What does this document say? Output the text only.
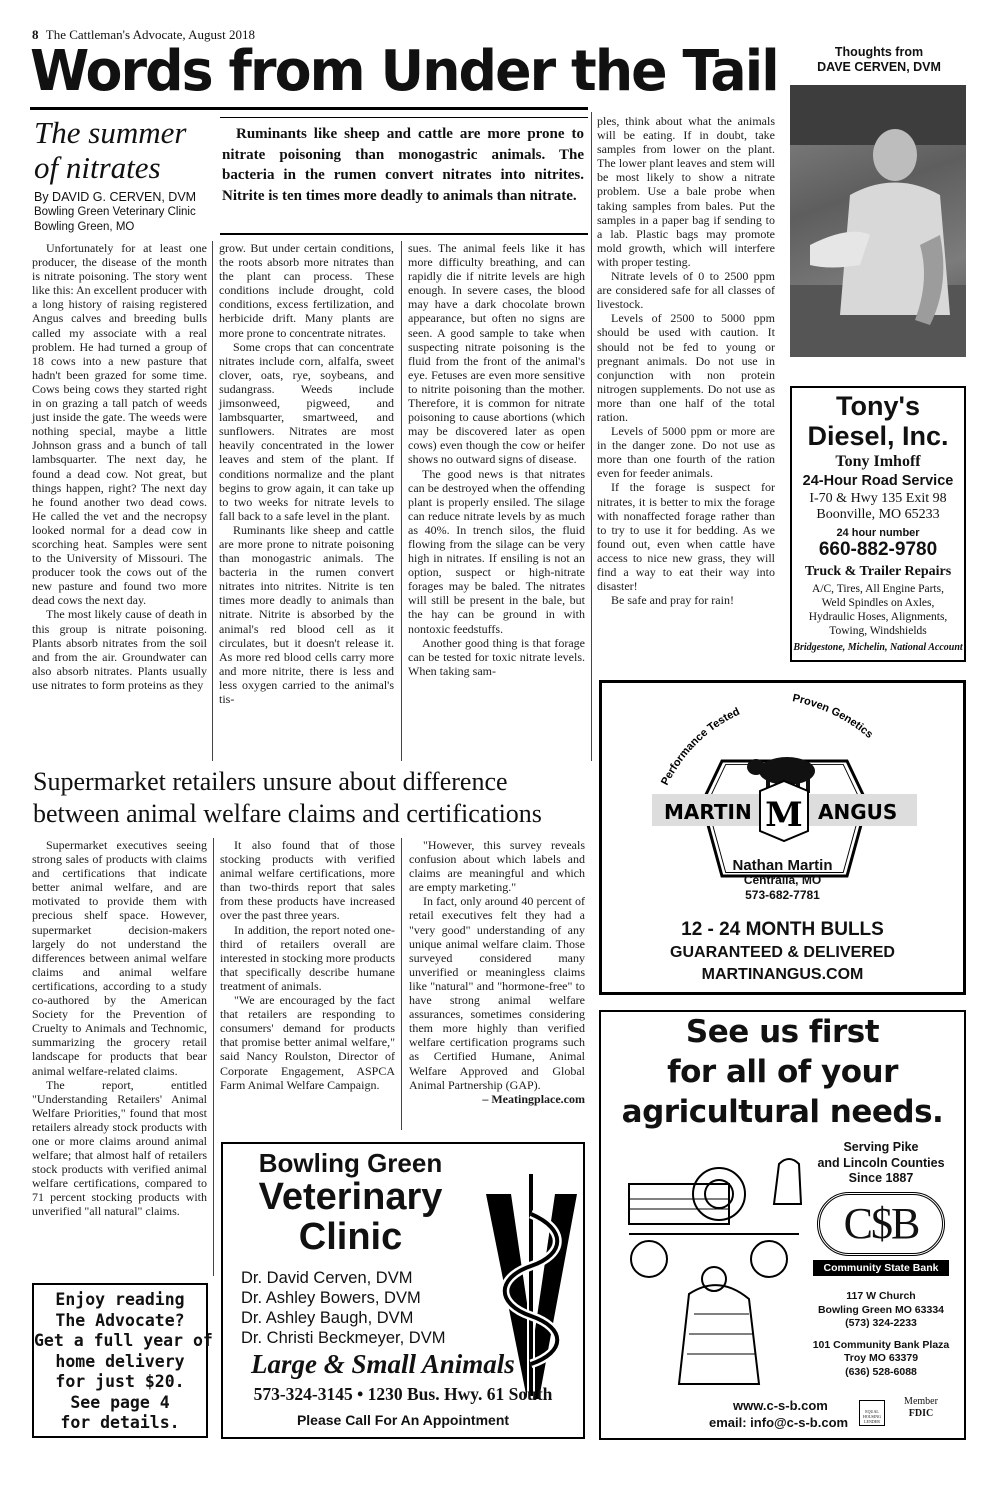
8 The Cattleman's Advocate, August 2018
Words from Under the Tail	Thoughts from
DAVE CERVEN, DVM
The summer of nitrates
By DAVID G. CERVEN, DVM
Bowling Green Veterinary Clinic
Bowling Green, MO
Ruminants like sheep and cattle are more prone to nitrate poisoning than monogastric animals. The bacteria in the rumen convert nitrates into nitrites. Nitrite is ten times more deadly to animals than nitrate.

Unfortunately for at least one producer, the disease of the month is nitrate poisoning. The story went like this: An excellent producer with a long history of raising registered Angus calves and breeding bulls called my associate with a real problem. He had turned a group of 18 cows into a new pasture that hadn't been grazed for some time. Cows being cows they started right in on grazing a tall patch of weeds just inside the gate. The weeds were nothing special, maybe a little Johnson grass and a bunch of tall lambsquarter. The next day, he found a dead cow. Not great, but things happen, right? The next day he found another two dead cows. He called the vet and the necropsy looked normal for a dead cow in scorching heat. Samples were sent to the University of Missouri. The producer took the cows out of the new pasture and found two more dead cows the next day.

The most likely cause of death in this group is nitrate poisoning. Plants absorb nitrates from the soil and from the air. Groundwater can also absorb nitrates. Plants usually use nitrates to form proteins as they

grow. But under certain conditions, the roots absorb more nitrates than the plant can process. These conditions include drought, cold conditions, excess fertilization, and herbicide drift. Many plants are more prone to concentrate nitrates.

Some crops that can concentrate nitrates include corn, alfalfa, sweet clover, oats, rye, soybeans, and sudangrass. Weeds include jimsonweed, pigweed, and lambsquarter, smartweed, and sunflowers. Nitrates are most heavily concentrated in the lower leaves and stem of the plant. If conditions normalize and the plant begins to grow again, it can take up to two weeks for nitrate levels to fall back to a safe level in the plant.

Ruminants like sheep and cattle are more prone to nitrate poisoning than monogastric animals. The bacteria in the rumen convert nitrates into nitrites. Nitrite is ten times more deadly to animals than nitrate. Nitrite is absorbed by the animal's red blood cell as it circulates, but it doesn't release it. As more red blood cells carry more and more nitrite, there is less and less oxygen carried to the animal's tis-

sues. The animal feels like it has more difficulty breathing, and can rapidly die if nitrite levels are high enough. In severe cases, the blood may have a dark chocolate brown appearance, but often no signs are seen. A good sample to take when suspecting nitrate poisoning is the fluid from the front of the animal's eye. Fetuses are even more sensitive to nitrite poisoning than the mother. Therefore, it is common for nitrate poisoning to cause abortions (which may be discovered later as open cows) even though the cow or heifer shows no outward signs of disease.

The good news is that nitrates can be destroyed when the offending plant is properly ensiled. The silage can reduce nitrate levels by as much as 40%. In trench silos, the fluid flowing from the silage can be very high in nitrates. If ensiling is not an option, suspect or high-nitrate forages may be baled. The nitrates will still be present in the bale, but the hay can be ground in with nontoxic feedstuffs.

Another good thing is that forage can be tested for toxic nitrate levels. When taking sam-

ples, think about what the animals will be eating. If in doubt, take samples from lower on the plant. The lower plant leaves and stem will be most likely to show a nitrate problem. Use a bale probe when taking samples from bales. Put the samples in a paper bag if sending to a lab. Plastic bags may promote mold growth, which will interfere with proper testing.

Nitrate levels of 0 to 2500 ppm are considered safe for all classes of livestock.

Levels of 2500 to 5000 ppm should be used with caution. It should not be fed to young or pregnant animals. Do not use in conjunction with non protein nitrogen supplements. Do not use as more than one half of the total ration.

Levels of 5000 ppm or more are in the danger zone. Do not use as more than one fourth of the ration even for feeder animals.

If the forage is suspect for nitrates, it is better to mix the forage with nonaffected forage rather than to try to use it for bedding. As we found out, even when cattle have access to nice new grass, they will find a way to eat their way into disaster!

Be safe and pray for rain!

Tony's
Diesel, Inc.
Tony Imhoff
24-Hour Road Service
I-70 & Hwy 135 Exit 98
Boonville, MO 65233
24 hour number
660-882-9780
Truck & Trailer Repairs
A/C, Tires, All Engine Parts,
Weld Spindles on Axles,
Hydraulic Hoses, Alignments,
Towing, Windshields
Bridgestone, Michelin, National Account
Supermarket retailers unsure about difference
between animal welfare claims and certifications

Supermarket executives seeing strong sales of products with claims and certifications that indicate better animal welfare, and are motivated to provide them with precious shelf space. However, supermarket decision-makers largely do not understand the differences between animal welfare claims and animal welfare certifications, according to a study co-authored by the American Society for the Prevention of Cruelty to Animals and Technomic, summarizing the grocery retail landscape for products that bear animal welfare-related claims.

The report, entitled "Understanding Retailers' Animal Welfare Priorities," found that most retailers already stock products with one or more claims around animal welfare; that almost half of retailers stock products with verified animal welfare certifications, compared to 71 percent stocking products with unverified "all natural" claims.

It also found that of those stocking products with verified animal welfare certifications, more than two-thirds report that sales from these products have increased over the past three years.

In addition, the report noted one-third of retailers overall are interested in stocking more products that specifically describe humane treatment of animals.

"We are encouraged by the fact that retailers are responding to consumers' demand for products that promise better animal welfare," said Nancy Roulston, Director of Corporate Engagement, ASPCA Farm Animal Welfare Campaign.

"However, this survey reveals confusion about which labels and claims are meaningful and which are empty marketing."

In fact, only around 40 percent of retail executives felt they had a "very good" understanding of any unique animal welfare claim. Those surveyed considered many unverified or meaningless claims like "natural" and "hormone-free" to have strong animal welfare assurances, sometimes considering them more highly than verified welfare certification programs such as Certified Humane, Animal Welfare Approved and Global Animal Partnership (GAP).

– Meatingplace.com
Enjoy reading
The Advocate?
Get a full year of
home delivery
for just $20.
See page 4
for details.
Bowling Green
Veterinary
Clinic
Dr. David Cerven, DVM
Dr. Ashley Bowers, DVM
Dr. Ashley Baugh, DVM
Dr. Christi Beckmeyer, DVM
Large & Small Animals
573-324-3145 • 1230 Bus. Hwy. 61 South
Please Call For An Appointment
Performance Tested
Proven Genetics
M
MARTIN	ANGUS
Nathan Martin
Centralia, MO
573-682-7781
12 - 24 MONTH BULLS
GUARANTEED & DELIVERED
MARTINANGUS.COM
See us first
for all of your
agricultural needs.
Serving Pike
and Lincoln Counties
Since 1887
C$B
Community State Bank
117 W Church
Bowling Green MO 63334
(573) 324-2233
101 Community Bank Plaza
Troy MO 63379
(636) 528-6088
www.c-s-b.com
email: info@c-s-b.com
EQUAL HOUSING LENDER
Member
FDIC
